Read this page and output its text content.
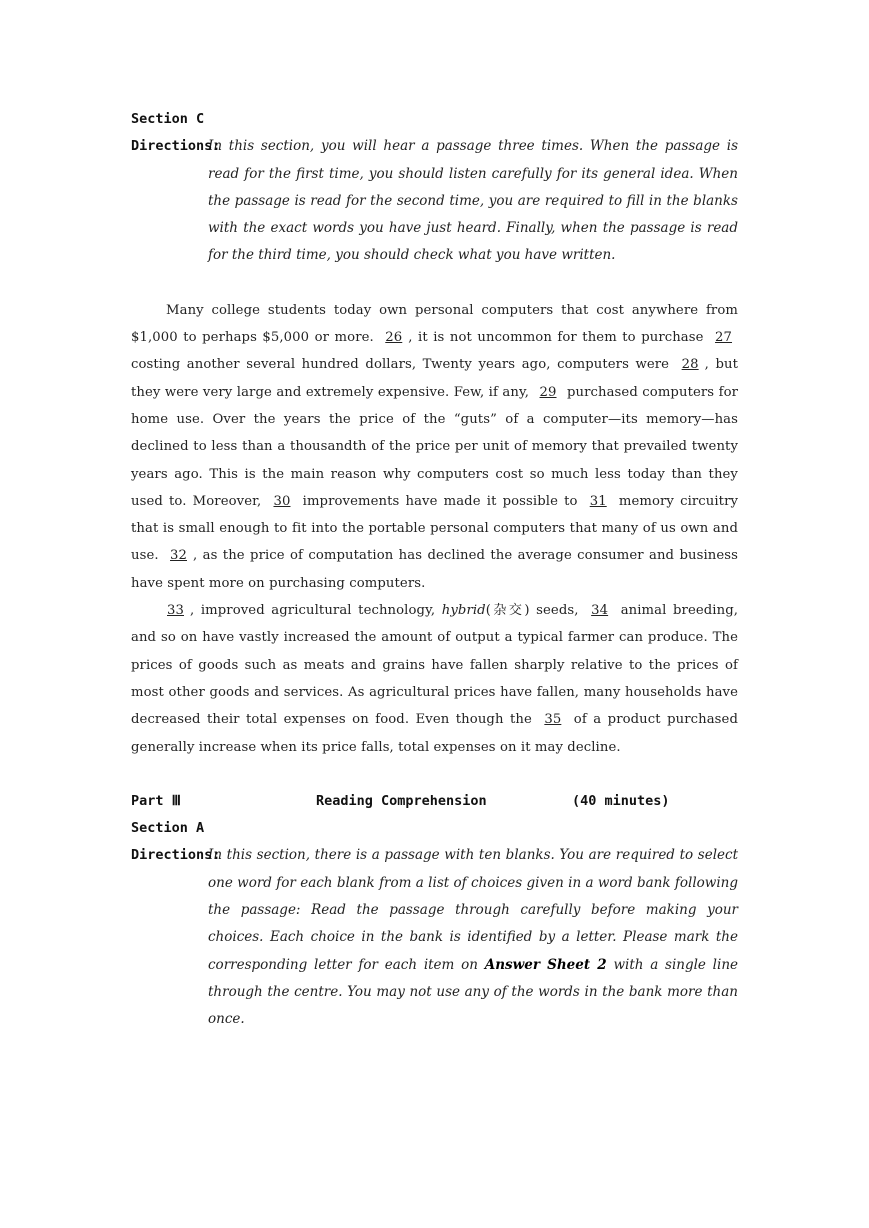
Section C
Directions:
In this section, you will hear a passage three times. When the passage is read for the first time, you should listen carefully for its general idea. When the passage is read for the second time, you are required to fill in the blanks with the exact words you have just heard. Finally, when the passage is read for the third time, you should check what you have written.
Many college students today own personal computers that cost anywhere from $1,000 to perhaps $5,000 or more. 26 , it is not uncommon for them to purchase 27 costing another several hundred dollars, Twenty years ago, computers were 28 , but they were very large and extremely expensive. Few, if any, 29 purchased computers for home use. Over the years the price of the “guts” of a computer—its memory—has declined to less than a thousandth of the price per unit of memory that prevailed twenty years ago. This is the main reason why computers cost so much less today than they used to. Moreover, 30 improvements have made it possible to 31 memory circuitry that is small enough to fit into the portable personal computers that many of us own and use. 32 , as the price of computation has declined the average consumer and business have spent more on purchasing computers.
33 , improved agricultural technology, hybrid(杂交) seeds, 34 animal breeding, and so on have vastly increased the amount of output a typical farmer can produce. The prices of goods such as meats and grains have fallen sharply relative to the prices of most other goods and services. As agricultural prices have fallen, many households have decreased their total expenses on food. Even though the 35 of a product purchased generally increase when its price falls, total expenses on it may decline.
Part Ⅲ	Reading Comprehension	(40 minutes)
Section A
Directions:
In this section, there is a passage with ten blanks. You are required to select one word for each blank from a list of choices given in a word bank following the passage: Read the passage through carefully before making your choices. Each choice in the bank is identified by a letter. Please mark the corresponding letter for each item on Answer Sheet 2 with a single line through the centre. You may not use any of the words in the bank more than once.
